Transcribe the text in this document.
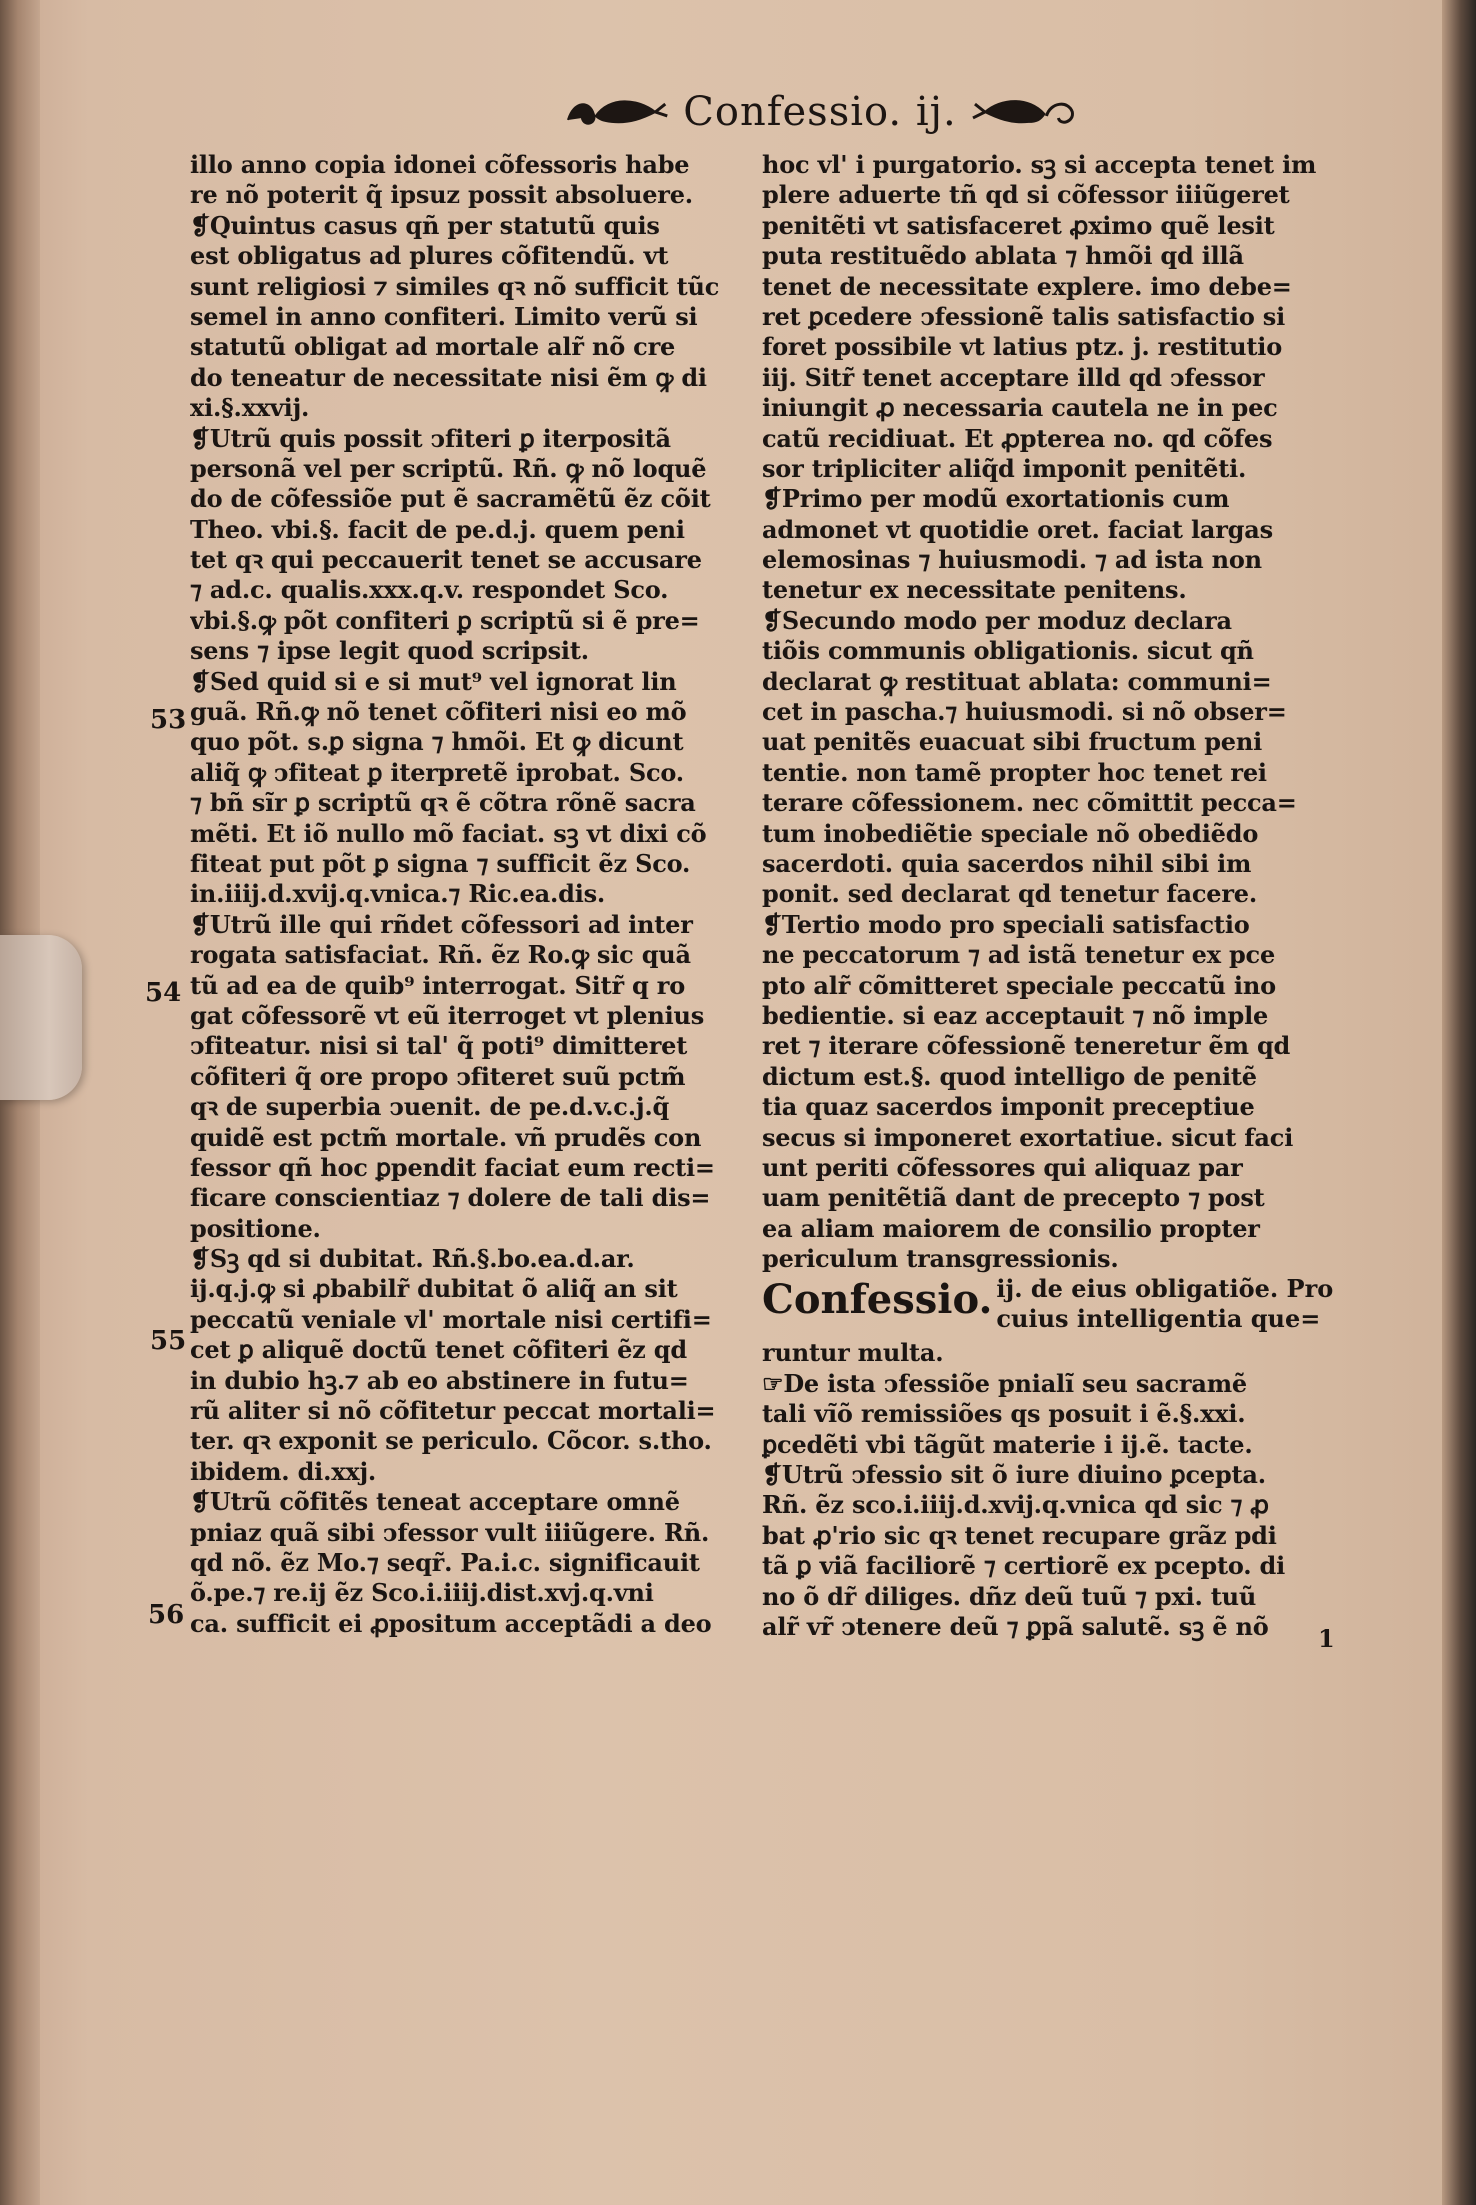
Confessio. ij.
53
54
55
56
1
illo anno copia idonei cõfessoris habe
re nõ poterit q̃ ipsuz possit absoluere.
❡Quintus casus qñ per statutũ quis
est obligatus ad plures cõfitendũ. vt
sunt religiosi ⁊ similes qꝛ nõ sufficit tũc
semel in anno confiteri. Limito verũ si
statutũ obligat ad mortale alr̃ nõ cre
do teneatur de necessitate nisi ẽm ꝙ di
xi.§.xxvij.
❡Utrũ quis possit ↄfiteri ꝑ iterpositã
personã vel per scriptũ. Rñ. ꝙ nõ loquẽ
do de cõfessiõe put ẽ sacramẽtũ ẽz cõit
Theo. vbi.§. facit de pe.d.j. quem peni
tet qꝛ qui peccauerit tenet se accusare
⁊ ad.c. qualis.xxx.q.v. respondet Sco.
vbi.§.ꝙ põt confiteri ꝑ scriptũ si ẽ pre=
sens ⁊ ipse legit quod scripsit.
❡Sed quid si e si mut⁹ vel ignorat lin
guã. Rñ.ꝙ nõ tenet cõfiteri nisi eo mõ
quo põt. s.ꝑ signa ⁊ hmõi. Et ꝙ dicunt
aliq̃ ꝙ ↄfiteat ꝑ iterpretẽ iprobat. Sco.
⁊ bñ sĩr ꝑ scriptũ qꝛ ẽ cõtra rõnẽ sacra
mẽti. Et iõ nullo mõ faciat. sꝫ vt dixi cõ
fiteat put põt ꝑ signa ⁊ sufficit ẽz Sco.
in.iiij.d.xvij.q.vnica.⁊ Ric.ea.dis.
❡Utrũ ille qui rñdet cõfessori ad inter
rogata satisfaciat. Rñ. ẽz Ro.ꝙ sic quã
tũ ad ea de quib⁹ interrogat. Sitr̃ q ro
gat cõfessorẽ vt eũ iterroget vt plenius
ↄfiteatur. nisi si tal' q̃ poti⁹ dimitteret
cõfiteri q̃ ore propo ↄfiteret suũ pctm̃
qꝛ de superbia ↄuenit. de pe.d.v.c.j.q̃
quidẽ est pctm̃ mortale. vñ prudẽs con
fessor qñ hoc ꝑpendit faciat eum recti=
ficare conscientiaz ⁊ dolere de tali dis=
positione.
❡Sꝫ qd si dubitat. Rñ.§.bo.ea.d.ar.
ij.q.j.ꝙ si ꝓbabilr̃ dubitat õ aliq̃ an sit
peccatũ veniale vl' mortale nisi certifi=
cet ꝑ aliquẽ doctũ tenet cõfiteri ẽz qd
in dubio hꝫ.⁊ ab eo abstinere in futu=
rũ aliter si nõ cõfitetur peccat mortali=
ter. qꝛ exponit se periculo. Cõcor. s.tho.
ibidem. di.xxj.
❡Utrũ cõfitẽs teneat acceptare omnẽ
pniaz quã sibi ↄfessor vult iiiũgere. Rñ.
qd nõ. ẽz Mo.⁊ seqr̃. Pa.i.c. significauit
õ.pe.⁊ re.ij ẽz Sco.i.iiij.dist.xvj.q.vni
ca. sufficit ei ꝓpositum acceptãdi a deo
hoc vl' i purgatorio. sꝫ si accepta tenet im
plere aduerte tñ qd si cõfessor iiiũgeret
penitẽti vt satisfaceret ꝓximo quẽ lesit
puta restituẽdo ablata ⁊ hmõi qd illã
tenet de necessitate explere. imo debe=
ret ꝑcedere ↄfessionẽ talis satisfactio si
foret possibile vt latius ptz. j. restitutio
iij. Sitr̃ tenet acceptare illd qd ↄfessor
iniungit ꝓ necessaria cautela ne in pec
catũ recidiuat. Et ꝓpterea no. qd cõfes
sor tripliciter aliq̃d imponit penitẽti.
❡Primo per modũ exortationis cum
admonet vt quotidie oret. faciat largas
elemosinas ⁊ huiusmodi. ⁊ ad ista non
tenetur ex necessitate penitens.
❡Secundo modo per moduz declara
tiõis communis obligationis. sicut qñ
declarat ꝙ restituat ablata: communi=
cet in pascha.⁊ huiusmodi. si nõ obser=
uat penitẽs euacuat sibi fructum peni
tentie. non tamẽ propter hoc tenet rei
terare cõfessionem. nec cõmittit pecca=
tum inobediẽtie speciale nõ obediẽdo
sacerdoti. quia sacerdos nihil sibi im
ponit. sed declarat qd tenetur facere.
❡Tertio modo pro speciali satisfactio
ne peccatorum ⁊ ad istã tenetur ex pce
pto alr̃ cõmitteret speciale peccatũ ino
bedientie. si eaz acceptauit ⁊ nõ imple
ret ⁊ iterare cõfessionẽ teneretur ẽm qd
dictum est.§. quod intelligo de penitẽ
tia quaz sacerdos imponit preceptiue
secus si imponeret exortatiue. sicut faci
unt periti cõfessores qui aliquaz par
uam penitẽtiã dant de precepto ⁊ post
ea aliam maiorem de consilio propter
periculum transgressionis.
Confessio. ij. de eius obligatiõe. Pro
cuius intelligentia que=
runtur multa.
☞De ista ↄfessiõe pnialĩ seu sacramẽ
tali vĩõ remissiões qs posuit i ẽ.§.xxi.
ꝑcedẽti vbi tãgũt materie i ij.ẽ. tacte.
❡Utrũ ↄfessio sit õ iure diuino ꝑcepta.
Rñ. ẽz sco.i.iiij.d.xvij.q.vnica qd sic ⁊ ꝓ
bat ꝓ'rio sic qꝛ tenet recupare grãz pdi
tã ꝑ viã faciliorẽ ⁊ certiorẽ ex pcepto. di
no õ dr̃ diliges. dñz deũ tuũ ⁊ pxi. tuũ
alr̃ vr̃ ↄtenere deũ ⁊ ꝑpã salutẽ. sꝫ ẽ nõ
